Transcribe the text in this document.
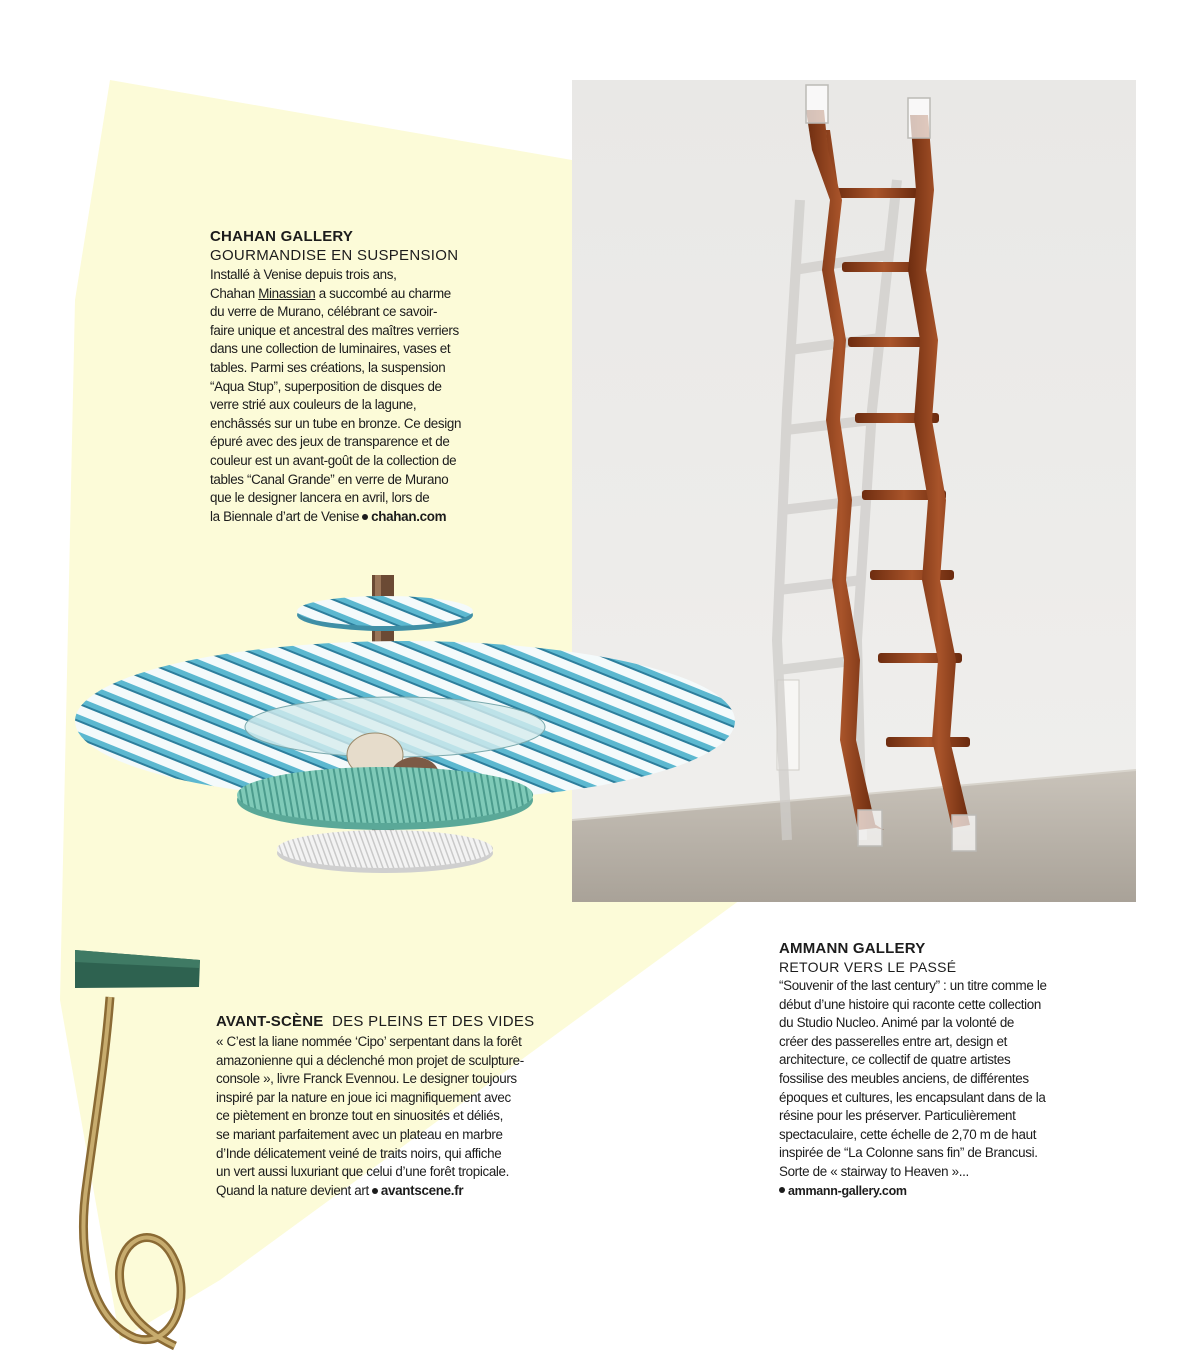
CHAHAN GALLERY
GOURMANDISE EN SUSPENSION
Installé à Venise depuis trois ans,
Chahan Minassian a succombé au charme
du verre de Murano, célébrant ce savoir-
faire unique et ancestral des maîtres verriers
dans une collection de luminaires, vases et
tables. Parmi ses créations, la suspension
“Aqua Stup”, superposition de disques de
verre strié aux couleurs de la lagune,
enchâssés sur un tube en bronze. Ce design
épuré avec des jeux de transparence et de
couleur est un avant-goût de la collection de
tables “Canal Grande” en verre de Murano
que le designer lancera en avril, lors de
la Biennale d’art de Venise chahan.com
AVANT-SCÈNE DES PLEINS ET DES VIDES
« C’est la liane nommée ‘Cipo’ serpentant dans la forêt
amazonienne qui a déclenché mon projet de sculpture-
console », livre Franck Evennou. Le designer toujours
inspiré par la nature en joue ici magnifiquement avec
ce piètement en bronze tout en sinuosités et déliés,
se mariant parfaitement avec un plateau en marbre
d’Inde délicatement veiné de traits noirs, qui affiche
un vert aussi luxuriant que celui d’une forêt tropicale.
Quand la nature devient art avantscene.fr
AMMANN GALLERY
RETOUR VERS LE PASSÉ
“Souvenir of the last century” : un titre comme le
début d’une histoire qui raconte cette collection
du Studio Nucleo. Animé par la volonté de
créer des passerelles entre art, design et
architecture, ce collectif de quatre artistes
fossilise des meubles anciens, de différentes
époques et cultures, les encapsulant dans de la
résine pour les préserver. Particulièrement
spectaculaire, cette échelle de 2,70 m de haut
inspirée de “La Colonne sans fin” de Brancusi.
Sorte de « stairway to Heaven »...
ammann-gallery.com
